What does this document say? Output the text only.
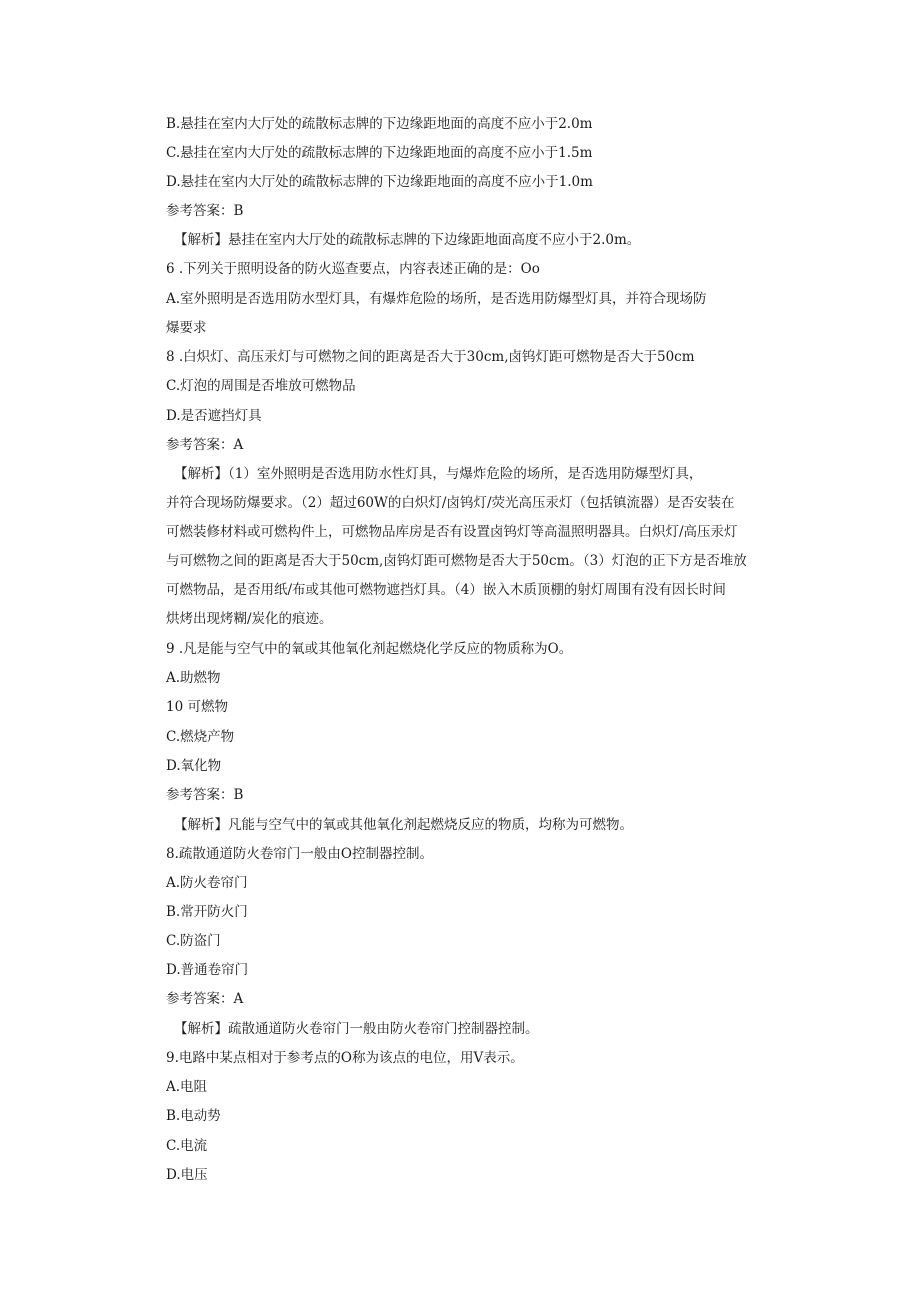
B.悬挂在室内大厅处的疏散标志牌的下边缘距地面的高度不应小于2.0m
C.悬挂在室内大厅处的疏散标志牌的下边缘距地面的高度不应小于1.5m
D.悬挂在室内大厅处的疏散标志牌的下边缘距地面的高度不应小于1.0m
参考答案：B
【解析】悬挂在室内大厅处的疏散标志牌的下边缘距地面高度不应小于2.0m。
6 .下列关于照明设备的防火巡查要点，内容表述正确的是：Oo
A.室外照明是否选用防水型灯具，有爆炸危险的场所，是否选用防爆型灯具，并符合现场防
爆要求
8 .白炽灯、高压汞灯与可燃物之间的距离是否大于30cm,卤钨灯距可燃物是否大于50cm
C.灯泡的周围是否堆放可燃物品
D.是否遮挡灯具
参考答案：A
【解析】（1）室外照明是否选用防水性灯具，与爆炸危险的场所，是否选用防爆型灯具，
并符合现场防爆要求。（2）超过60W的白炽灯/卤钨灯/荧光高压汞灯（包括镇流器）是否安装在
可燃装修材料或可燃构件上，可燃物品库房是否有设置卤钨灯等高温照明器具。白炽灯/高压汞灯
与可燃物之间的距离是否大于50cm,卤钨灯距可燃物是否大于50cm。（3）灯泡的正下方是否堆放
可燃物品，是否用纸/布或其他可燃物遮挡灯具。（4）嵌入木质顶棚的射灯周围有没有因长时间
烘烤出现烤糊/炭化的痕迹。
9 .凡是能与空气中的氧或其他氧化剂起燃烧化学反应的物质称为O。
A.助燃物
10 可燃物
C.燃烧产物
D.氧化物
参考答案：B
【解析】凡能与空气中的氧或其他氧化剂起燃烧反应的物质，均称为可燃物。
8.疏散通道防火卷帘门一般由O控制器控制。
A.防火卷帘门
B.常开防火门
C.防盗门
D.普通卷帘门
参考答案：A
【解析】疏散通道防火卷帘门一般由防火卷帘门控制器控制。
9.电路中某点相对于参考点的O称为该点的电位，用V表示。
A.电阻
B.电动势
C.电流
D.电压
